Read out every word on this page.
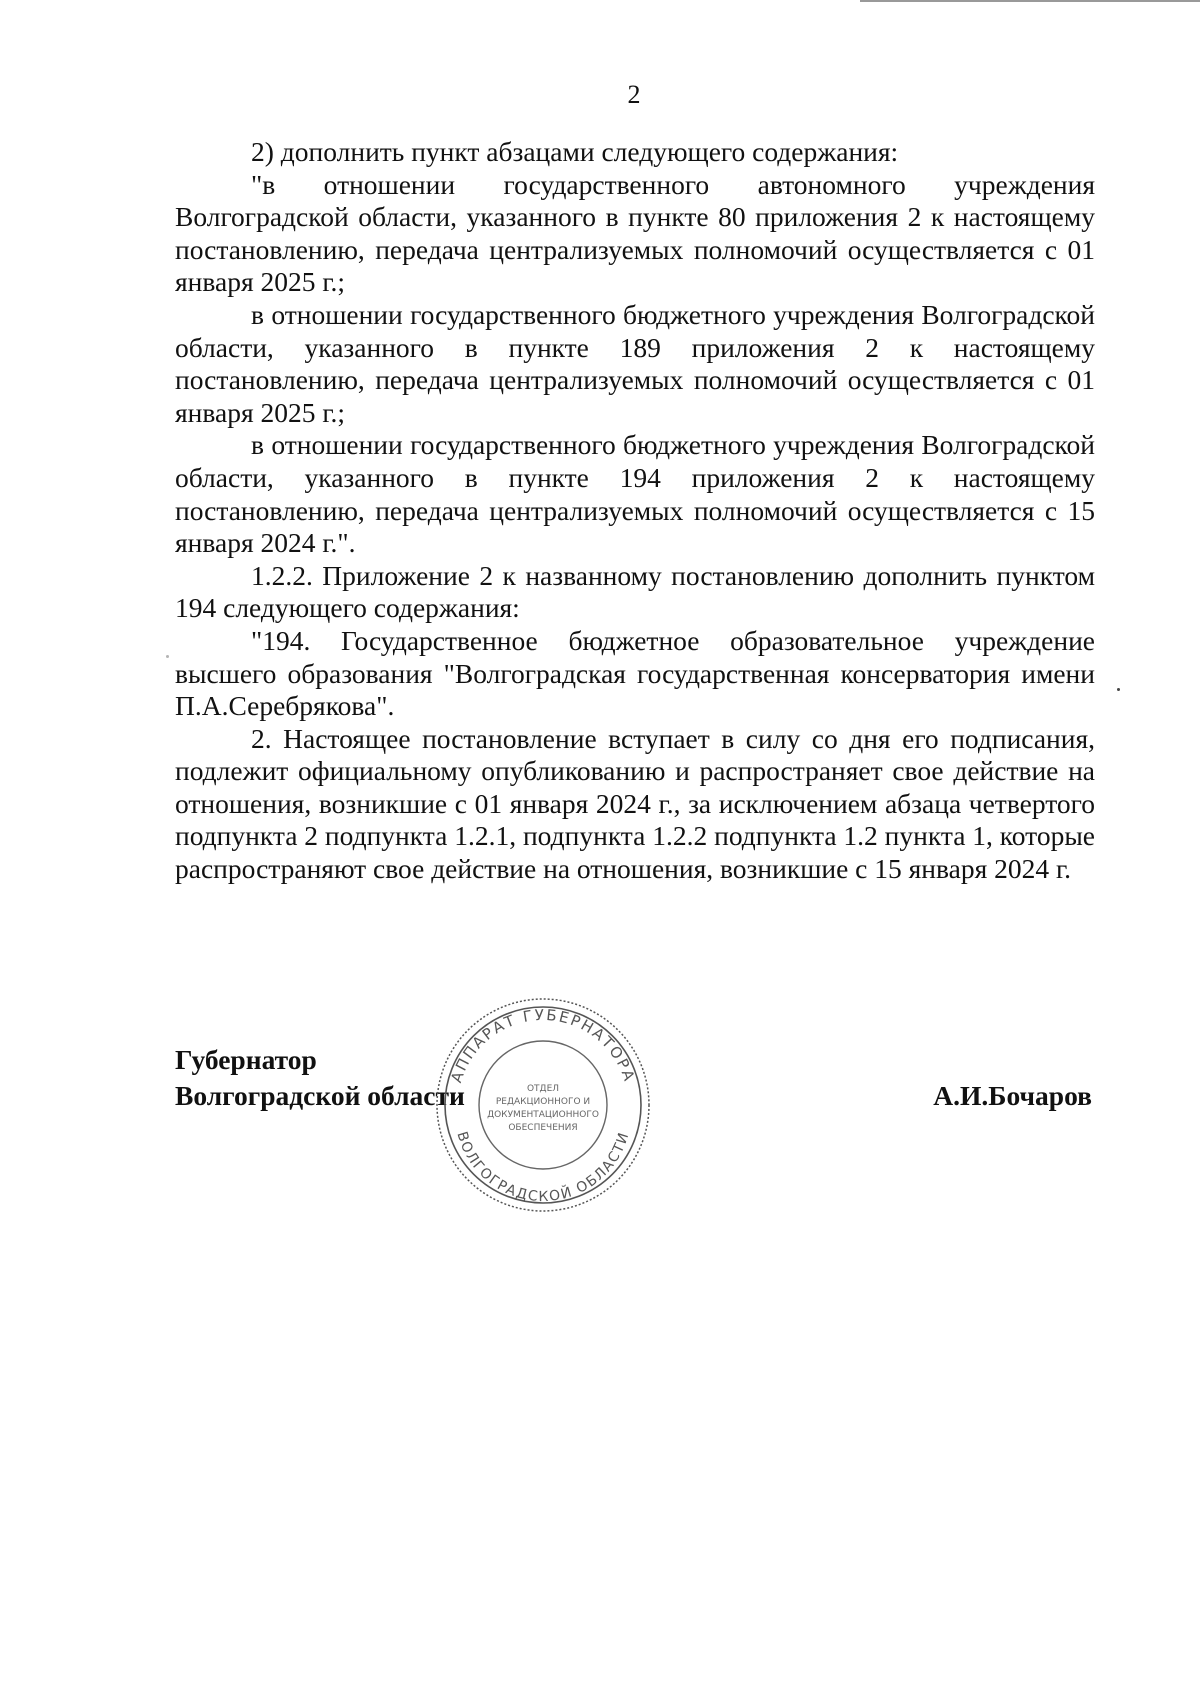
2

2) дополнить пункт абзацами следующего содержания:

"в отношении государственного автономного учреждения Волгоградской области, указанного в пункте 80 приложения 2 к настоящему постановлению, передача централизуемых полномочий осуществляется с 01 января 2025 г.;

в отношении государственного бюджетного учреждения Волгоградской области, указанного в пункте 189 приложения 2 к настоящему постановлению, передача централизуемых полномочий осуществляется с 01 января 2025 г.;

в отношении государственного бюджетного учреждения Волгоградской области, указанного в пункте 194 приложения 2 к настоящему постановлению, передача централизуемых полномочий осуществляется с 15 января 2024 г.".

1.2.2. Приложение 2 к названному постановлению дополнить пунктом 194 следующего содержания:

"194. Государственное бюджетное образовательное учреждение высшего образования "Волгоградская государственная консерватория имени П.А.Серебрякова".

2. Настоящее постановление вступает в силу со дня его подписания, подлежит официальному опубликованию и распространяет свое действие на отношения, возникшие с 01 января 2024 г., за исключением абзаца четвертого подпункта 2 подпункта 1.2.1, подпункта 1.2.2 подпункта 1.2 пункта 1, которые распространяют свое действие на отношения, возникшие с 15 января 2024 г.

Губернатор
Волгоградской области	А.И.Бочаров
АППАРАТ ГУБЕРНАТОРА
ВОЛГОГРАДСКОЙ ОБЛАСТИ
ОТДЕЛ
РЕДАКЦИОННОГО И
ДОКУМЕНТАЦИОННОГО
ОБЕСПЕЧЕНИЯ
